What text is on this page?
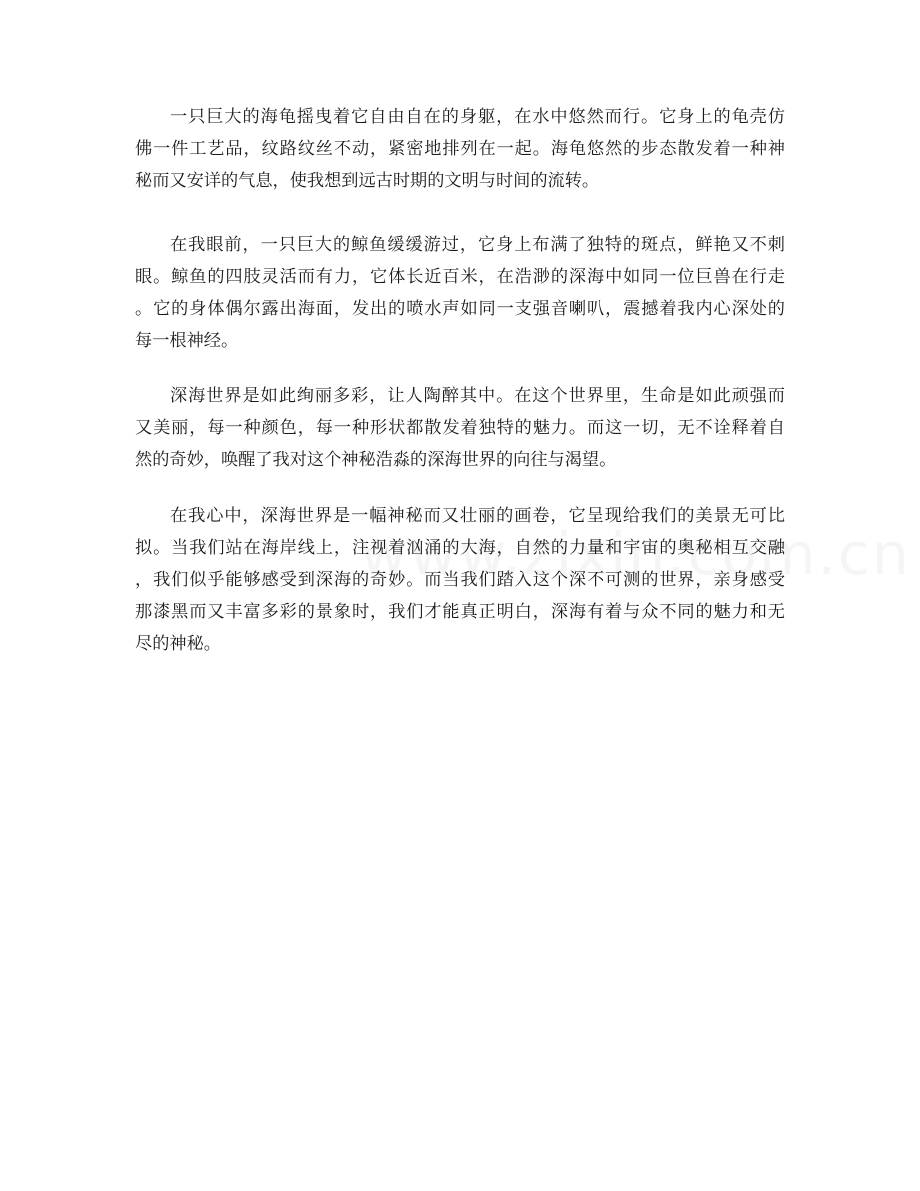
一只巨大的海龟摇曳着它自由自在的身躯，在水中悠然而行。它身上的龟壳仿
佛一件工艺品，纹路纹丝不动，紧密地排列在一起。海龟悠然的步态散发着一种神
秘而又安详的气息，使我想到远古时期的文明与时间的流转。
在我眼前，一只巨大的鲸鱼缓缓游过，它身上布满了独特的斑点，鲜艳又不刺
眼。鲸鱼的四肢灵活而有力，它体长近百米，在浩渺的深海中如同一位巨兽在行走
。它的身体偶尔露出海面，发出的喷水声如同一支强音喇叭，震撼着我内心深处的
每一根神经。
深海世界是如此绚丽多彩，让人陶醉其中。在这个世界里，生命是如此顽强而
又美丽，每一种颜色，每一种形状都散发着独特的魅力。而这一切，无不诠释着自
然的奇妙，唤醒了我对这个神秘浩淼的深海世界的向往与渴望。
在我心中，深海世界是一幅神秘而又壮丽的画卷，它呈现给我们的美景无可比
拟。当我们站在海岸线上，注视着汹涌的大海，自然的力量和宇宙的奥秘相互交融
，我们似乎能够感受到深海的奇妙。而当我们踏入这个深不可测的世界，亲身感受
那漆黑而又丰富多彩的景象时，我们才能真正明白，深海有着与众不同的魅力和无
尽的神秘。
